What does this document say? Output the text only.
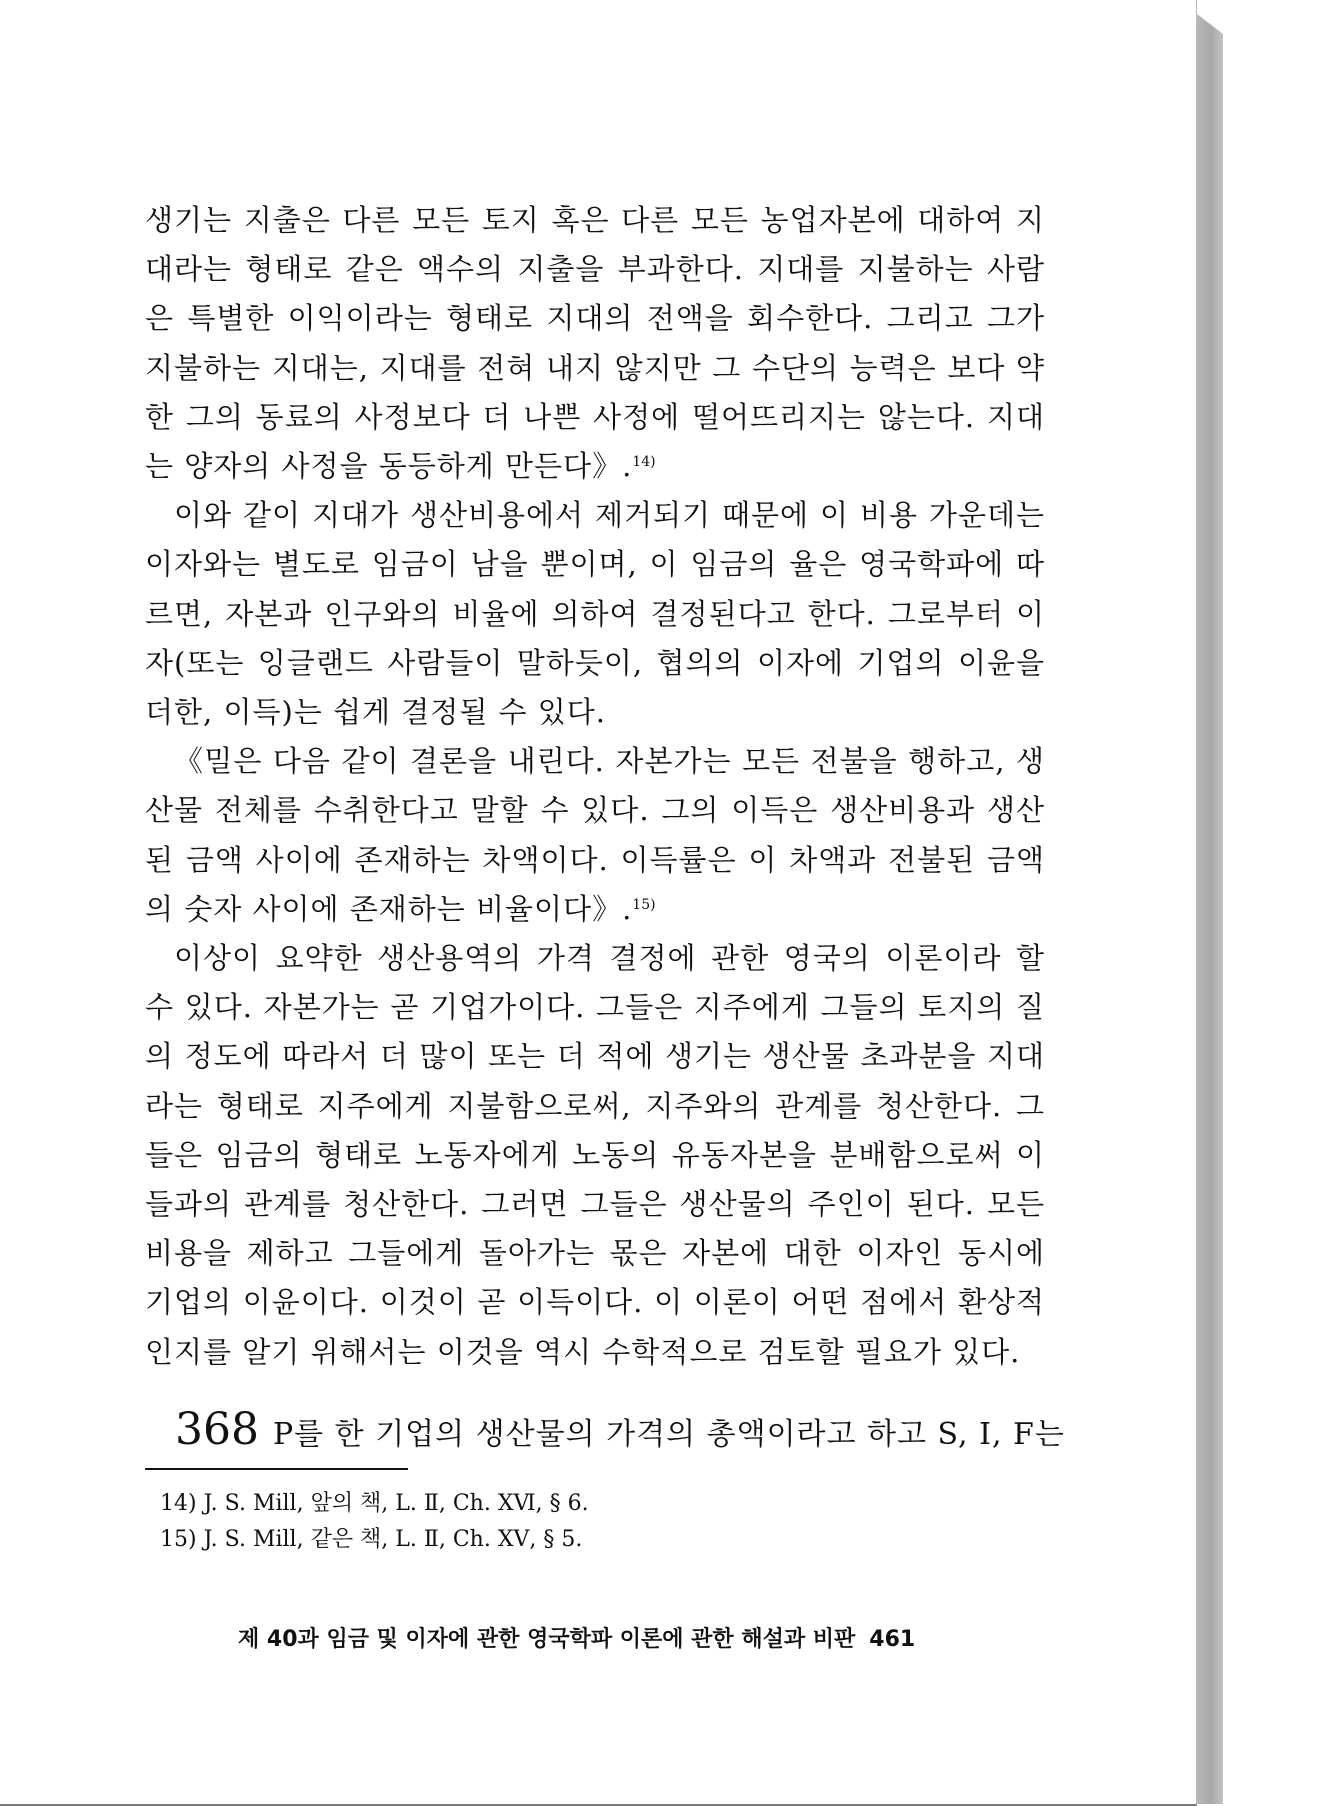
생기는 지출은 다른 모든 토지 혹은 다른 모든 농업자본에 대하여 지대라는 형태로 같은 액수의 지출을 부과한다. 지대를 지불하는 사람은 특별한 이익이라는 형태로 지대의 전액을 회수한다. 그리고 그가 지불하는 지대는, 지대를 전혀 내지 않지만 그 수단의 능력은 보다 약한 그의 동료의 사정보다 더 나쁜 사정에 떨어뜨리지는 않는다. 지대는 양자의 사정을 동등하게 만든다》.$^{14)}$

이와 같이 지대가 생산비용에서 제거되기 때문에 이 비용 가운데는 이자와는 별도로 임금이 남을 뿐이며, 이 임금의 율은 영국학파에 따르면, 자본과 인구와의 비율에 의하여 결정된다고 한다. 그로부터 이자(또는 잉글랜드 사람들이 말하듯이, 협의의 이자에 기업의 이윤을 더한, 이득)는 쉽게 결정될 수 있다.

《밀은 다음 같이 결론을 내린다. 자본가는 모든 전불을 행하고, 생산물 전체를 수취한다고 말할 수 있다. 그의 이득은 생산비용과 생산된 금액 사이에 존재하는 차액이다. 이득률은 이 차액과 전불된 금액의 숫자 사이에 존재하는 비율이다》.$^{15)}$

이상이 요약한 생산용역의 가격 결정에 관한 영국의 이론이라 할 수 있다. 자본가는 곧 기업가이다. 그들은 지주에게 그들의 토지의 질의 정도에 따라서 더 많이 또는 더 적에 생기는 생산물 초과분을 지대라는 형태로 지주에게 지불함으로써, 지주와의 관계를 청산한다. 그들은 임금의 형태로 노동자에게 노동의 유동자본을 분배함으로써 이들과의 관계를 청산한다. 그러면 그들은 생산물의 주인이 된다. 모든 비용을 제하고 그들에게 돌아가는 몫은 자본에 대한 이자인 동시에 기업의 이윤이다. 이것이 곧 이득이다. 이 이론이 어떤 점에서 환상적인지를 알기 위해서는 이것을 역시 수학적으로 검토할 필요가 있다.

368 P를 한 기업의 생산물의 가격의 총액이라고 하고 S, I, F는
14) J. S. Mill, 앞의 책, L. Ⅱ, Ch. ⅩⅥ, § 6.
15) J. S. Mill, 같은 책, L. Ⅱ, Ch. ⅩⅤ, § 5.
제 40과 임금 및 이자에 관한 영국학파 이론에 관한 해설과 비판 461
